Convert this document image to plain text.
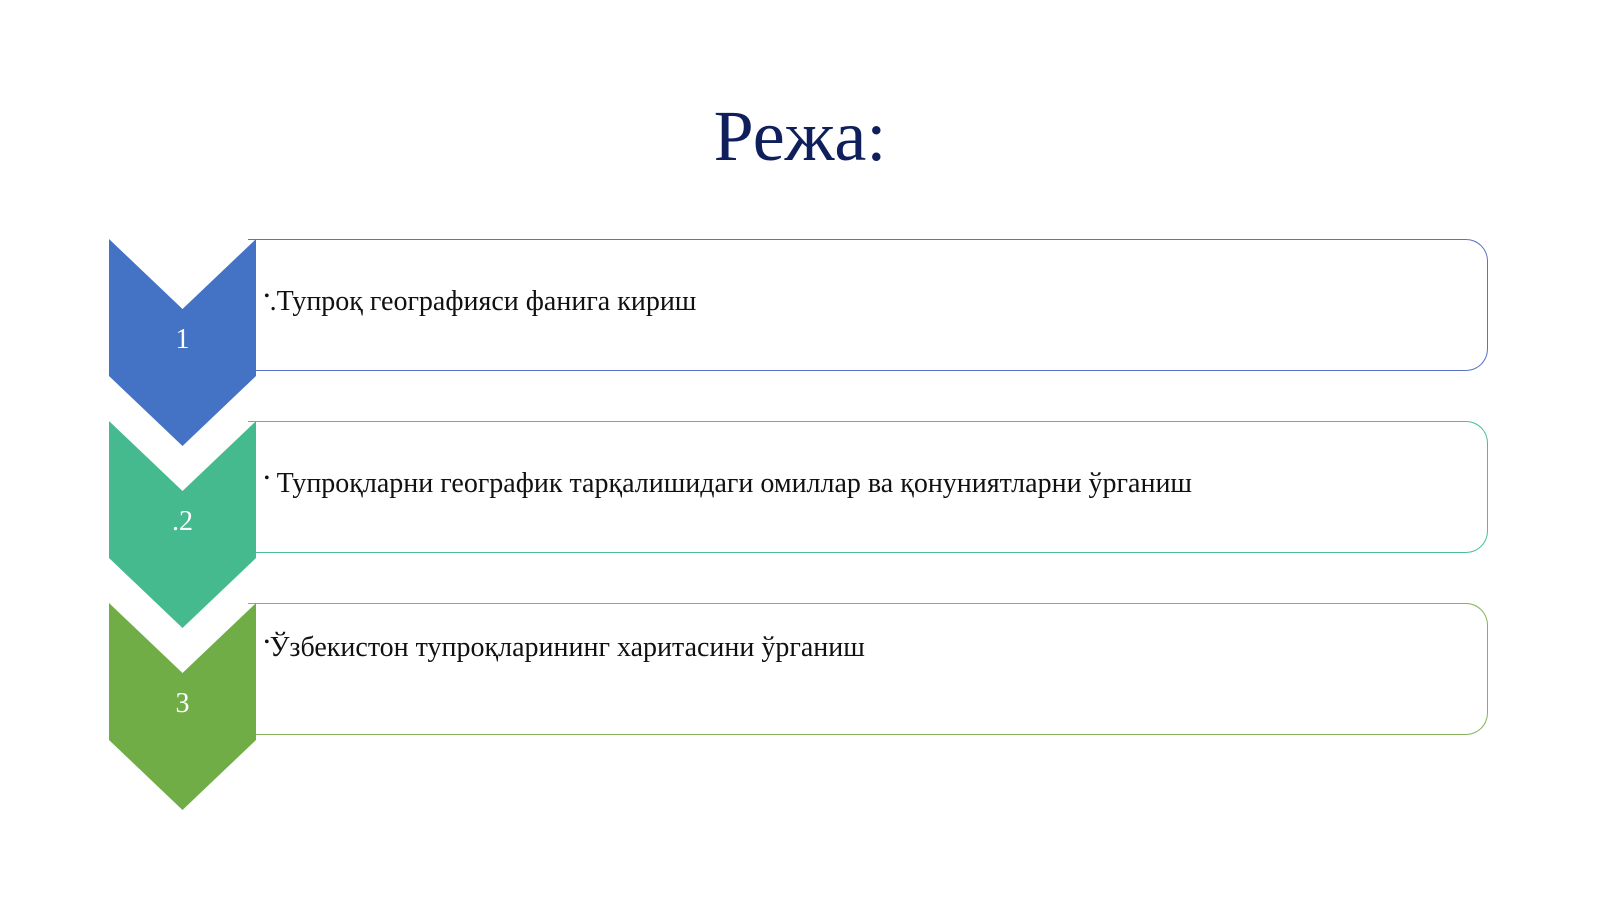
Режа:
•.Тупроқ географияси фанига кириш
• Тупроқларни географик тарқалишидаги омиллар ва қонуниятларни ўрганиш
•Ўзбекистон тупроқларининг харитасини ўрганиш
1
.2
3
